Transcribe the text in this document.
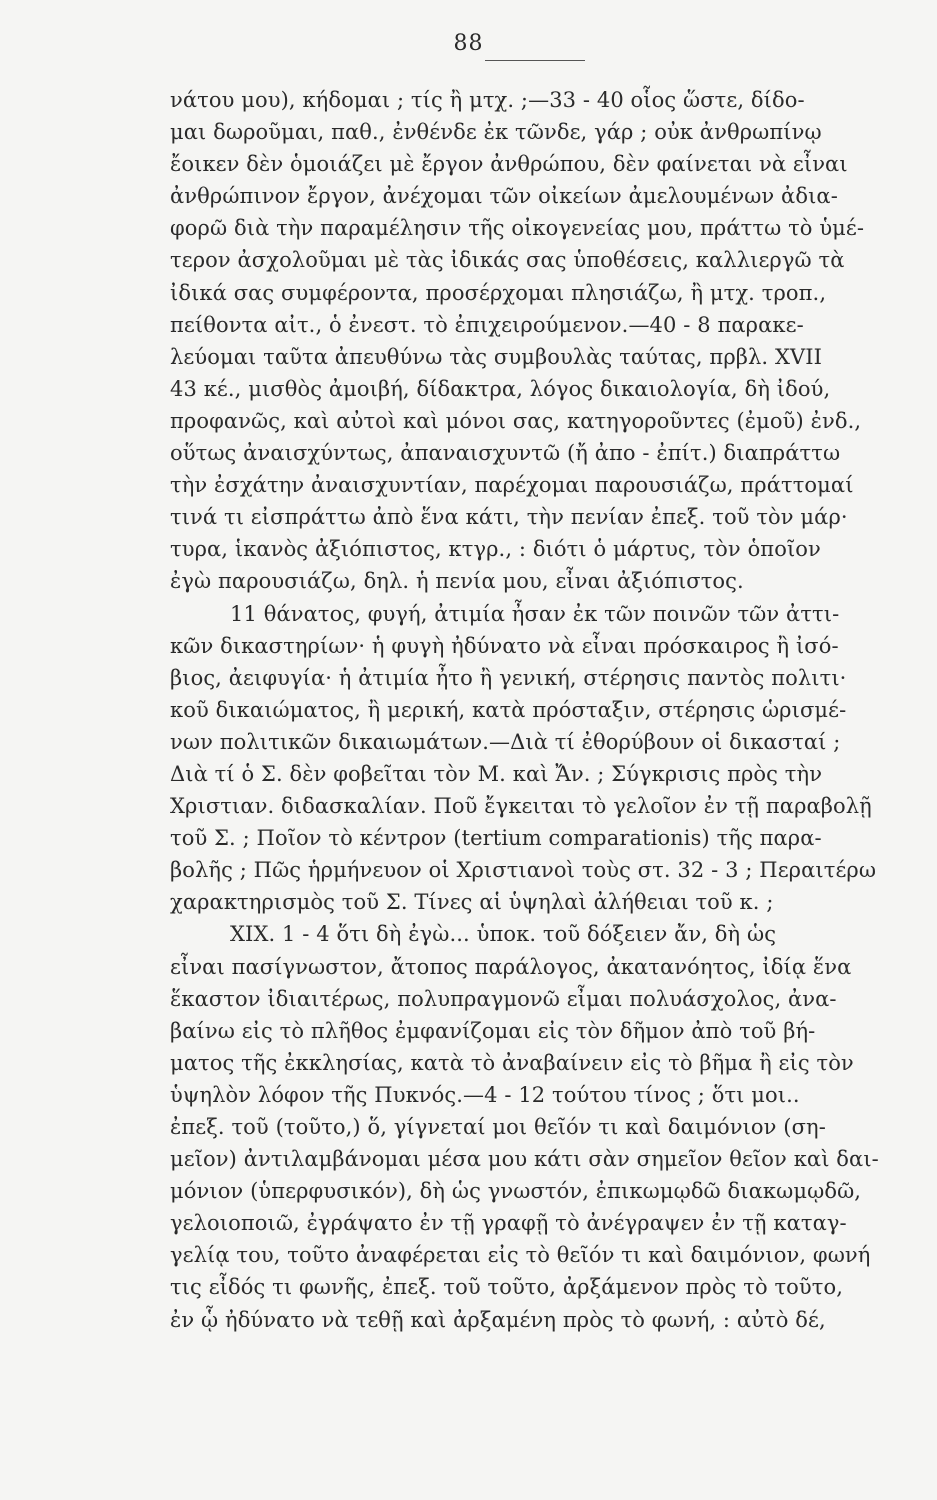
88
νάτου μου), κήδομαι ; τίς ἢ μτχ. ;—33 - 40 οἷος ὥστε, δίδο-
μαι δωροῦμαι, παθ., ἐνθένδε ἐκ τῶνδε, γάρ ; οὐκ ἀνθρωπίνῳ
ἔοικεν δὲν ὁμοιάζει μὲ ἔργον ἀνθρώπου, δὲν φαίνεται νὰ εἶναι
ἀνθρώπινον ἔργον, ἀνέχομαι τῶν οἰκείων ἀμελουμένων ἀδια-
φορῶ διὰ τὴν παραμέλησιν τῆς οἰκογενείας μου, πράττω τὸ ὑμέ-
τερον ἀσχολοῦμαι μὲ τὰς ἰδικάς σας ὑποθέσεις, καλλιεργῶ τὰ
ἰδικά σας συμφέροντα, προσέρχομαι πλησιάζω, ἢ μτχ. τροπ.,
πείθοντα αἰτ., ὁ ἐνεστ. τὸ ἐπιχειρούμενον.—40 - 8 παρακε-
λεύομαι ταῦτα ἀπευθύνω τὰς συμβουλὰς ταύτας, πρβλ. XVII
43 κέ., μισθὸς ἀμοιβή, δίδακτρα, λόγος δικαιολογία, δὴ ἰδού,
προφανῶς, καὶ αὐτοὶ καὶ μόνοι σας, κατηγοροῦντες (ἐμοῦ) ἐνδ.,
οὕτως ἀναισχύντως, ἀπαναισχυντῶ (ἤ ἀπο - ἐπίτ.) διαπράττω
τὴν ἐσχάτην ἀναισχυντίαν, παρέχομαι παρουσιάζω, πράττομαί
τινά τι εἰσπράττω ἀπὸ ἕνα κάτι, τὴν πενίαν ἐπεξ. τοῦ τὸν μάρ·
τυρα, ἱκανὸς ἀξιόπιστος, κτγρ., : διότι ὁ μάρτυς, τὸν ὁποῖον
ἐγὼ παρουσιάζω, δηλ. ἡ πενία μου, εἶναι ἀξιόπιστος.
11 θάνατος, φυγή, ἀτιμία ἦσαν ἐκ τῶν ποινῶν τῶν ἀττι-
κῶν δικαστηρίων· ἡ φυγὴ ἠδύνατο νὰ εἶναι πρόσκαιρος ἢ ἰσό-
βιος, ἀειφυγία· ἡ ἀτιμία ἦτο ἢ γενική, στέρησις παντὸς πολιτι·
κοῦ δικαιώματος, ἢ μερική, κατὰ πρόσταξιν, στέρησις ὡρισμέ-
νων πολιτικῶν δικαιωμάτων.—Διὰ τί ἐθορύβουν οἱ δικασταί ;
Διὰ τί ὁ Σ. δὲν φοβεῖται τὸν Μ. καὶ Ἄν. ; Σύγκρισις πρὸς τὴν
Χριστιαν. διδασκαλίαν. Ποῦ ἔγκειται τὸ γελοῖον ἐν τῇ παραβολῇ
τοῦ Σ. ; Ποῖον τὸ κέντρον (tertium comparationis) τῆς παρα-
βολῆς ; Πῶς ἡρμήνευον οἱ Χριστιανοὶ τοὺς στ. 32 - 3 ; Περαιτέρω
χαρακτηρισμὸς τοῦ Σ. Τίνες αἱ ὑψηλαὶ ἀλήθειαι τοῦ κ. ;
XIX. 1 - 4 ὅτι δὴ ἐγὼ... ὑποκ. τοῦ δόξειεν ἄν, δὴ ὡς
εἶναι πασίγνωστον, ἄτοπος παράλογος, ἀκατανόητος, ἰδίᾳ ἕνα
ἕκαστον ἰδιαιτέρως, πολυπραγμονῶ εἶμαι πολυάσχολος, ἀνα-
βαίνω εἰς τὸ πλῆθος ἐμφανίζομαι εἰς τὸν δῆμον ἀπὸ τοῦ βή-
ματος τῆς ἐκκλησίας, κατὰ τὸ ἀναβαίνειν εἰς τὸ βῆμα ἢ εἰς τὸν
ὑψηλὸν λόφον τῆς Πυκνός.—4 - 12 τούτου τίνος ; ὅτι μοι..
ἐπεξ. τοῦ (τοῦτο,) ὅ, γίγνεταί μοι θεῖόν τι καὶ δαιμόνιον (ση-
μεῖον) ἀντιλαμβάνομαι μέσα μου κάτι σὰν σημεῖον θεῖον καὶ δαι-
μόνιον (ὑπερφυσικόν), δὴ ὡς γνωστόν, ἐπικωμῳδῶ διακωμῳδῶ,
γελοιοποιῶ, ἐγράψατο ἐν τῇ γραφῇ τὸ ἀνέγραψεν ἐν τῇ καταγ-
γελίᾳ του, τοῦτο ἀναφέρεται εἰς τὸ θεῖόν τι καὶ δαιμόνιον, φωνή
τις εἶδός τι φωνῆς, ἐπεξ. τοῦ τοῦτο, ἀρξάμενον πρὸς τὸ τοῦτο,
ἐν ᾧ ἠδύνατο νὰ τεθῇ καὶ ἀρξαμένη πρὸς τὸ φωνή, : αὐτὸ δέ,
